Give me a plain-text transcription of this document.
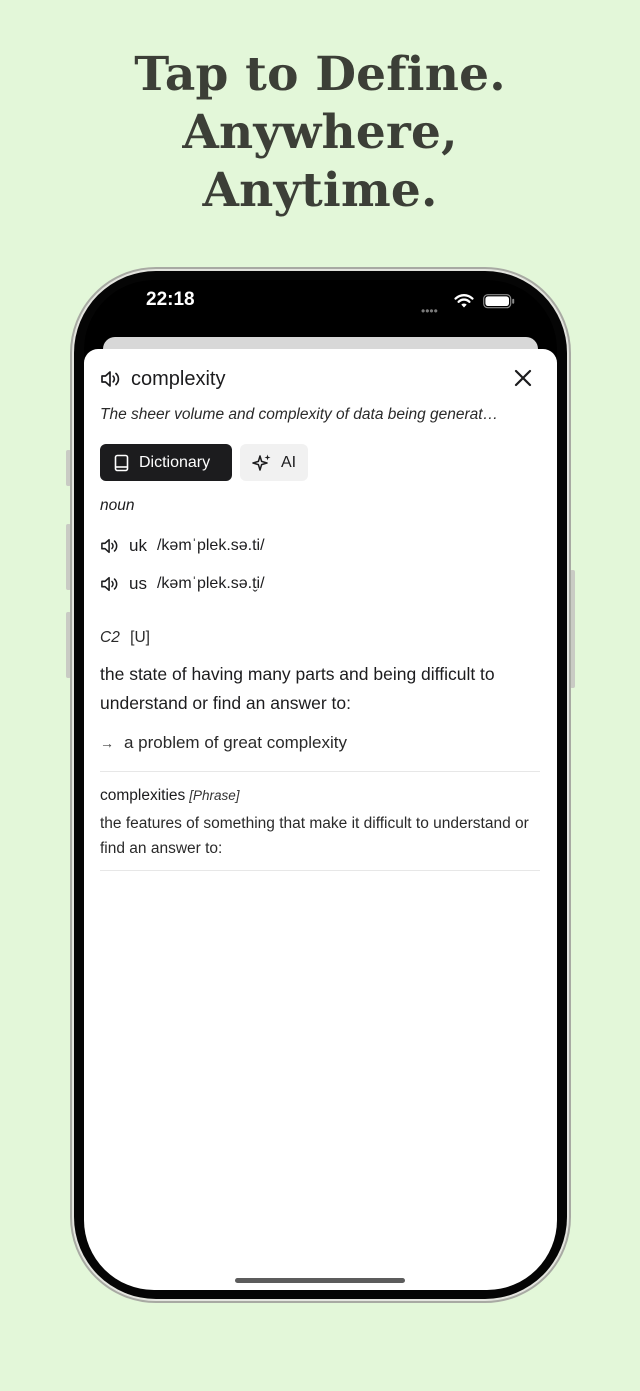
Tap to Define.
Anywhere,
Anytime.
22:18
••••
complexity
The sheer volume and complexity of data being generat…
Dictionary	AI
noun
uk /kəmˈplek.sə.ti/
us /kəmˈplek.sə.t̬i/
C2 [U]
the state of having many parts and being difficult to understand or find an answer to:
→ a problem of great complexity
complexities [Phrase]
the features of something that make it difficult to understand or find an answer to:
